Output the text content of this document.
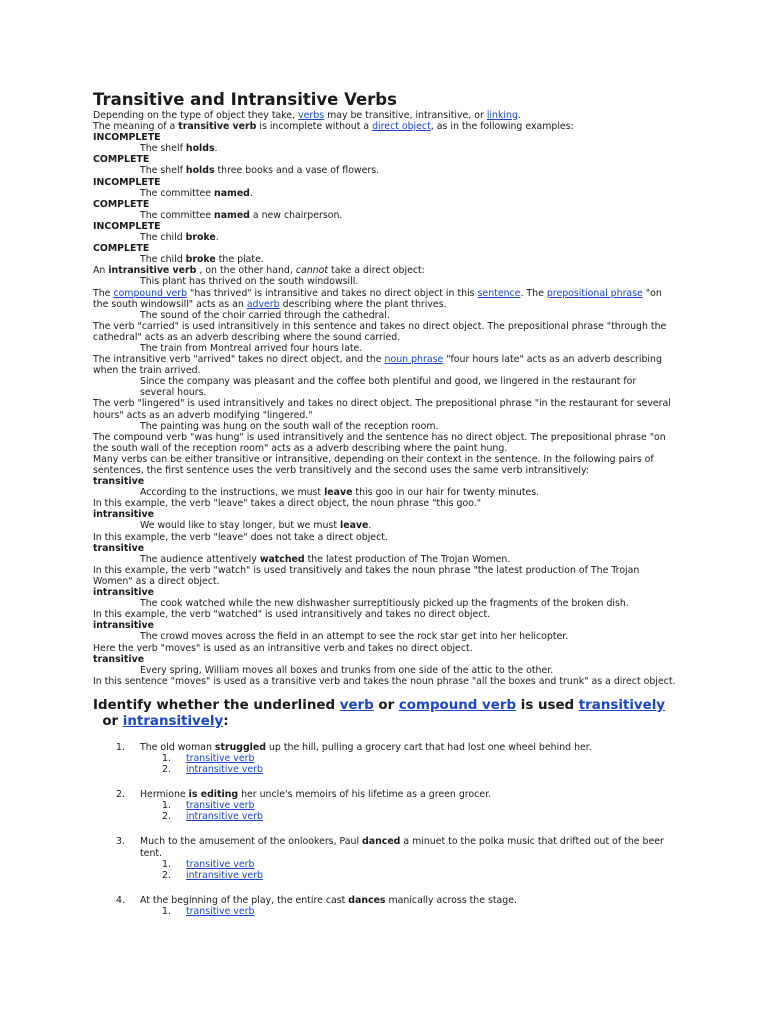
Transitive and Intransitive Verbs

Depending on the type of object they take, verbs may be transitive, intransitive, or linking.

The meaning of a transitive verb is incomplete without a direct object, as in the following examples:

INCOMPLETE

The shelf holds.

COMPLETE

The shelf holds three books and a vase of flowers.

INCOMPLETE

The committee named.

COMPLETE

The committee named a new chairperson.

INCOMPLETE

The child broke.

COMPLETE

The child broke the plate.

An intransitive verb , on the other hand, cannot take a direct object:

This plant has thrived on the south windowsill.

The compound verb "has thrived" is intransitive and takes no direct object in this sentence. The prepositional phrase "on the south windowsill" acts as an adverb describing where the plant thrives.

The sound of the choir carried through the cathedral.

The verb "carried" is used intransitively in this sentence and takes no direct object. The prepositional phrase "through the cathedral" acts as an adverb describing where the sound carried.

The train from Montreal arrived four hours late.

The intransitive verb "arrived" takes no direct object, and the noun phrase "four hours late" acts as an adverb describing when the train arrived.

Since the company was pleasant and the coffee both plentiful and good, we lingered in the restaurant for several hours.

The verb "lingered" is used intransitively and takes no direct object. The prepositional phrase "in the restaurant for several hours" acts as an adverb modifying "lingered."

The painting was hung on the south wall of the reception room.

The compound verb "was hung" is used intransitively and the sentence has no direct object. The prepositional phrase "on the south wall of the reception room" acts as a adverb describing where the paint hung.

Many verbs can be either transitive or intransitive, depending on their context in the sentence. In the following pairs of sentences, the first sentence uses the verb transitively and the second uses the same verb intransitively:

transitive

According to the instructions, we must leave this goo in our hair for twenty minutes.

In this example, the verb "leave" takes a direct object, the noun phrase "this goo."

intransitive

We would like to stay longer, but we must leave.

In this example, the verb "leave" does not take a direct object.

transitive

The audience attentively watched the latest production of The Trojan Women.

In this example, the verb "watch" is used transitively and takes the noun phrase "the latest production of The Trojan Women" as a direct object.

intransitive

The cook watched while the new dishwasher surreptitiously picked up the fragments of the broken dish.

In this example, the verb "watched" is used intransitively and takes no direct object.

intransitive

The crowd moves across the field in an attempt to see the rock star get into her helicopter.

Here the verb "moves" is used as an intransitive verb and takes no direct object.

transitive

Every spring, William moves all boxes and trunks from one side of the attic to the other.

In this sentence "moves" is used as a transitive verb and takes the noun phrase "all the boxes and trunk" as a direct object.

Identify whether the underlined verb or compound verb is used transitively  or intransitively:

1. The old woman struggled up the hill, pulling a grocery cart that had lost one wheel behind her.
1. transitive verb
2. intransitive verb
2. Hermione is editing her uncle's memoirs of his lifetime as a green grocer.
1. transitive verb
2. intransitive verb
3. Much to the amusement of the onlookers, Paul danced a minuet to the polka music that drifted out of the beer tent.
1. transitive verb
2. intransitive verb
4. At the beginning of the play, the entire cast dances manically across the stage.
1. transitive verb
